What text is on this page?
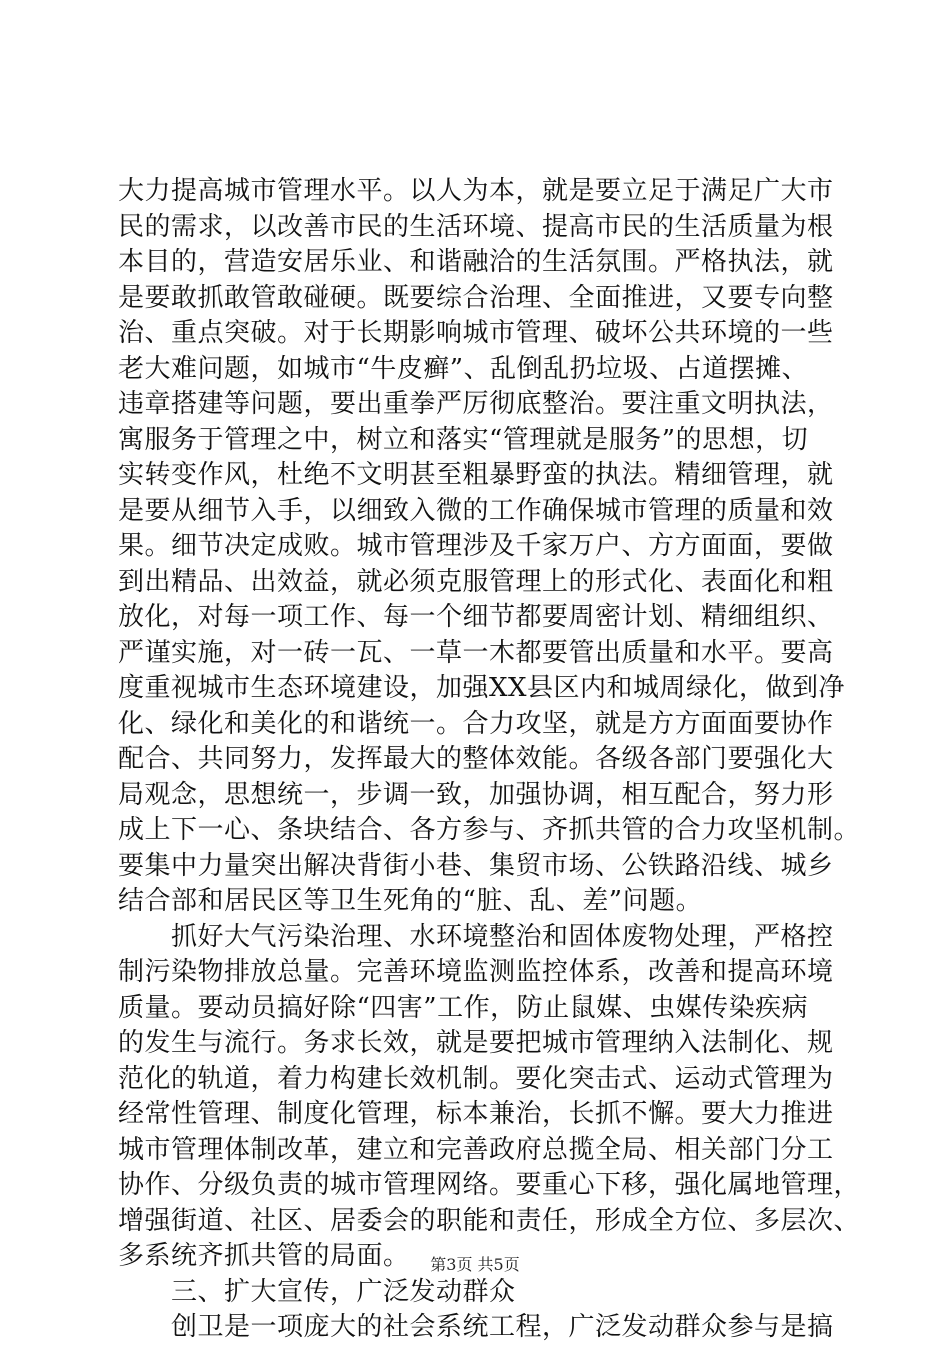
大力提高城市管理水平。以人为本，就是要立足于满足广大市
民的需求，以改善市民的生活环境、提高市民的生活质量为根
本目的，营造安居乐业、和谐融洽的生活氛围。严格执法，就
是要敢抓敢管敢碰硬。既要综合治理、全面推进，又要专向整
治、重点突破。对于长期影响城市管理、破坏公共环境的一些
老大难问题，如城市“牛皮癣”、乱倒乱扔垃圾、占道摆摊、
违章搭建等问题，要出重拳严厉彻底整治。要注重文明执法，
寓服务于管理之中，树立和落实“管理就是服务”的思想，切
实转变作风，杜绝不文明甚至粗暴野蛮的执法。精细管理，就
是要从细节入手，以细致入微的工作确保城市管理的质量和效
果。细节决定成败。城市管理涉及千家万户、方方面面，要做
到出精品、出效益，就必须克服管理上的形式化、表面化和粗
放化，对每一项工作、每一个细节都要周密计划、精细组织、
严谨实施，对一砖一瓦、一草一木都要管出质量和水平。要高
度重视城市生态环境建设，加强XX县区内和城周绿化，做到净
化、绿化和美化的和谐统一。合力攻坚，就是方方面面要协作
配合、共同努力，发挥最大的整体效能。各级各部门要强化大
局观念，思想统一，步调一致，加强协调，相互配合，努力形
成上下一心、条块结合、各方参与、齐抓共管的合力攻坚机制。
要集中力量突出解决背街小巷、集贸市场、公铁路沿线、城乡
结合部和居民区等卫生死角的“脏、乱、差”问题。
　　抓好大气污染治理、水环境整治和固体废物处理，严格控
制污染物排放总量。完善环境监测监控体系，改善和提高环境
质量。要动员搞好除“四害”工作，防止鼠媒、虫媒传染疾病
的发生与流行。务求长效，就是要把城市管理纳入法制化、规
范化的轨道，着力构建长效机制。要化突击式、运动式管理为
经常性管理、制度化管理，标本兼治，长抓不懈。要大力推进
城市管理体制改革，建立和完善政府总揽全局、相关部门分工
协作、分级负责的城市管理网络。要重心下移，强化属地管理，
增强街道、社区、居委会的职能和责任，形成全方位、多层次、
多系统齐抓共管的局面。
　　三、扩大宣传，广泛发动群众
　　创卫是一项庞大的社会系统工程，广泛发动群众参与是搞
第3页 共5页
